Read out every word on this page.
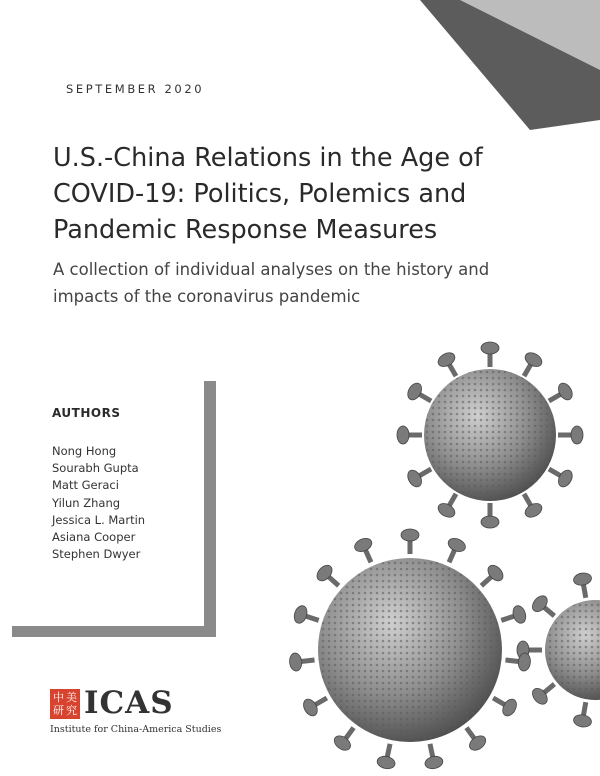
SEPTEMBER 2020
U.S.-China Relations in the Age of
COVID-19: Politics, Polemics and
Pandemic Response Measures

A collection of individual analyses on the history and
impacts of the coronavirus pandemic

AUTHORS
Nong Hong
Sourabh Gupta
Matt Geraci
Yilun Zhang
Jessica L. Martin
Asiana Cooper
Stephen Dwyer
中 美
研 究 ICAS
Institute for China-America Studies
